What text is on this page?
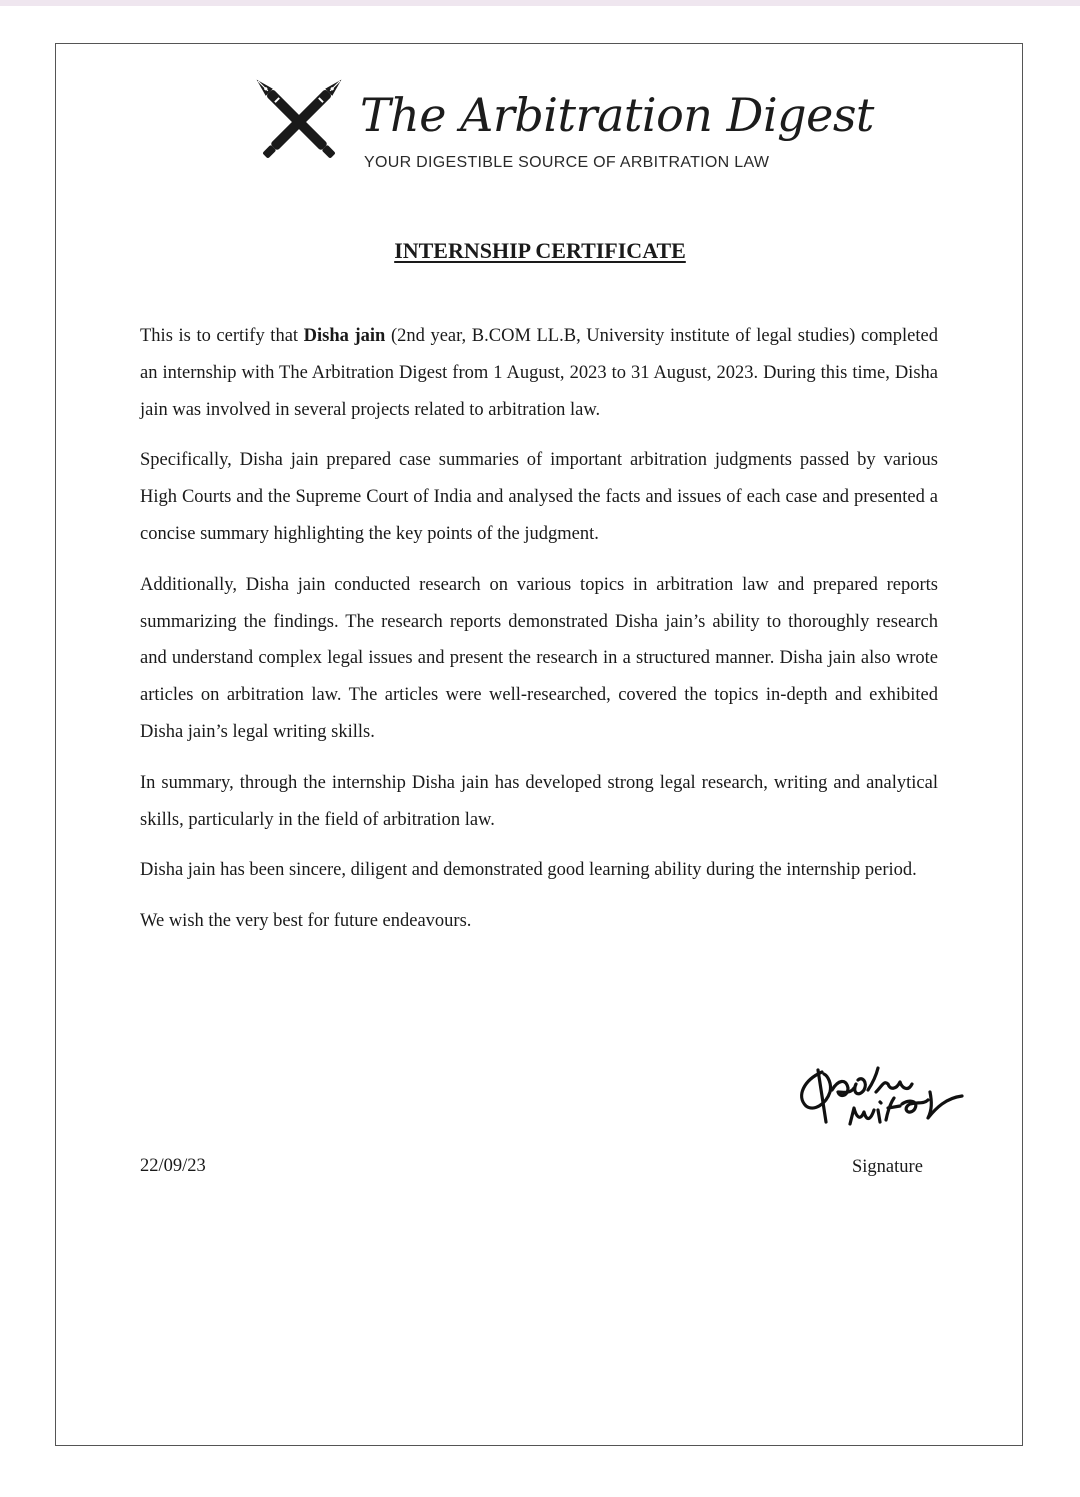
The Arbitration Digest
YOUR DIGESTIBLE SOURCE OF ARBITRATION LAW
INTERNSHIP CERTIFICATE

This is to certify that Disha jain (2nd year, B.COM LL.B, University institute of legal studies) completed an internship with The Arbitration Digest from 1 August, 2023 to 31 August, 2023. During this time, Disha jain was involved in several projects related to arbitration law.

Specifically, Disha jain prepared case summaries of important arbitration judgments passed by various High Courts and the Supreme Court of India and analysed the facts and issues of each case and presented a concise summary highlighting the key points of the judgment.

Additionally, Disha jain conducted research on various topics in arbitration law and prepared reports summarizing the findings. The research reports demonstrated Disha jain’s ability to thoroughly research and understand complex legal issues and present the research in a structured manner. Disha jain also wrote articles on arbitration law. The articles were well-researched, covered the topics in-depth and exhibited Disha jain’s legal writing skills.

In summary, through the internship Disha jain has developed strong legal research, writing and analytical skills, particularly in the field of arbitration law.

Disha jain has been sincere, diligent and demonstrated good learning ability during the internship period.

We wish the very best for future endeavours.

22/09/23	Signature
